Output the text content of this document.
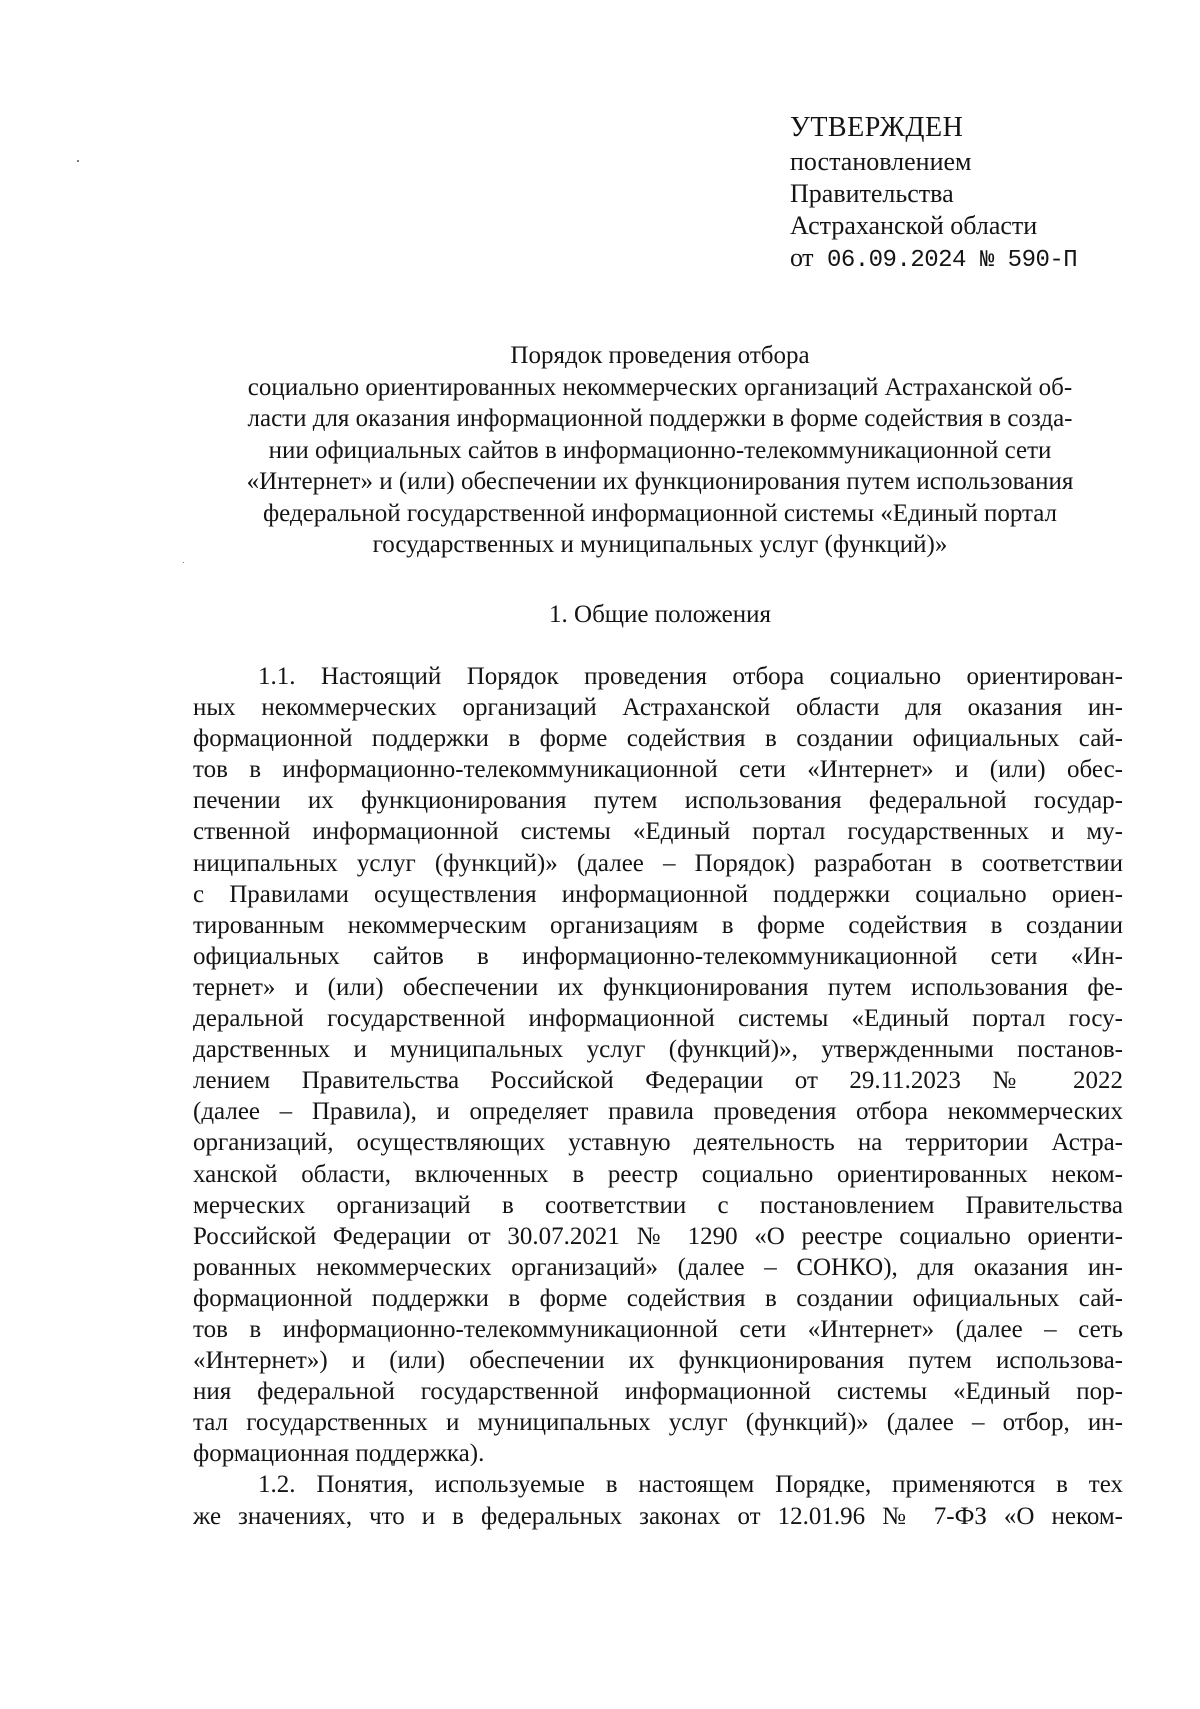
УТВЕРЖДЕН
постановлением
Правительства
Астраханской области
от 06.09.2024 № 590-П
Порядок проведения отбора
социально ориентированных некоммерческих организаций Астраханской об-
ласти для оказания информационной поддержки в форме содействия в созда-
нии официальных сайтов в информационно-телекоммуникационной сети
«Интернет» и (или) обеспечении их функционирования путем использования
федеральной государственной информационной системы «Единый портал
государственных и муниципальных услуг (функций)»
1. Общие положения
1.1. Настоящий Порядок проведения отбора социально ориентирован-
ных некоммерческих организаций Астраханской области для оказания ин-
формационной поддержки в форме содействия в создании официальных сай-
тов в информационно-телекоммуникационной сети «Интернет» и (или) обес-
печении их функционирования путем использования федеральной государ-
ственной информационной системы «Единый портал государственных и му-
ниципальных услуг (функций)» (далее – Порядок) разработан в соответствии
с Правилами осуществления информационной поддержки социально ориен-
тированным некоммерческим организациям в форме содействия в создании
официальных сайтов в информационно-телекоммуникационной сети «Ин-
тернет» и (или) обеспечении их функционирования путем использования фе-
деральной государственной информационной системы «Единый портал госу-
дарственных и муниципальных услуг (функций)», утвержденными постанов-
лением Правительства Российской Федерации от 29.11.2023 № 2022
(далее – Правила), и определяет правила проведения отбора некоммерческих
организаций, осуществляющих уставную деятельность на территории Астра-
ханской области, включенных в реестр социально ориентированных неком-
мерческих организаций в соответствии с постановлением Правительства
Российской Федерации от 30.07.2021 № 1290 «О реестре социально ориенти-
рованных некоммерческих организаций» (далее – СОНКО), для оказания ин-
формационной поддержки в форме содействия в создании официальных сай-
тов в информационно-телекоммуникационной сети «Интернет» (далее – сеть
«Интернет») и (или) обеспечении их функционирования путем использова-
ния федеральной государственной информационной системы «Единый пор-
тал государственных и муниципальных услуг (функций)» (далее – отбор, ин-
формационная поддержка).
1.2. Понятия, используемые в настоящем Порядке, применяются в тех
же значениях, что и в федеральных законах от 12.01.96 № 7-ФЗ «О неком-
